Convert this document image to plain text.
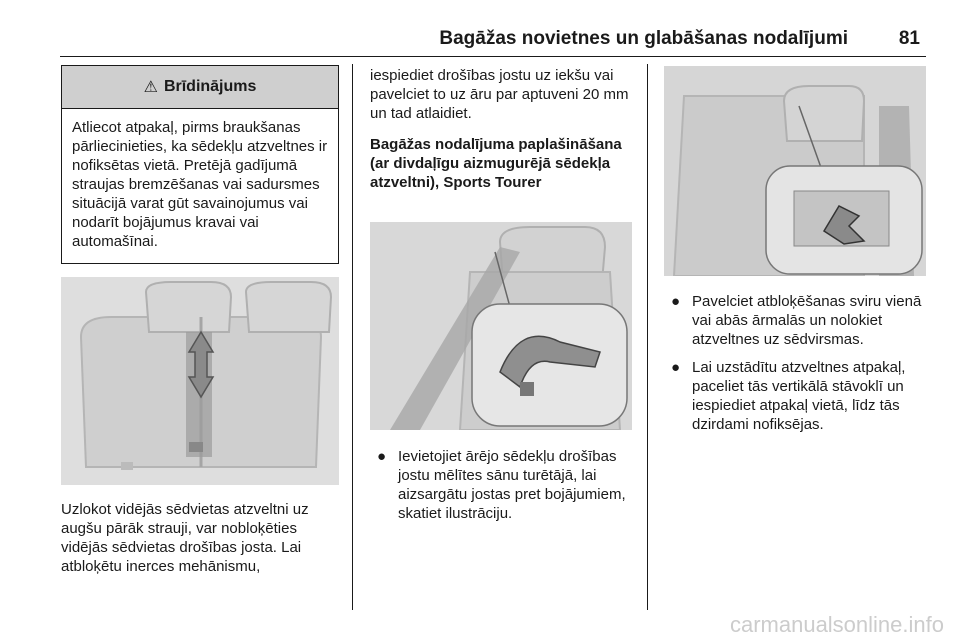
Bagāžas novietnes un glabāšanas nodalījumi	81
⚠ Brīdinājums
Atliecot atpakaļ, pirms braukšanas pārliecinieties, ka sēdekļu atzveltnes ir nofiksētas vietā. Pretējā gadījumā straujas bremzēšanas vai sadursmes situācijā varat gūt savainojumus vai nodarīt bojājumus kravai vai automašīnai.
Uzlokot vidējās sēdvietas atzveltni uz augšu pārāk strauji, var nobloķēties vidējās sēdvietas drošības josta. Lai atbloķētu inerces mehānismu,
iespiediet drošības jostu uz iekšu vai pavelciet to uz āru par aptuveni 20 mm un tad atlaidiet.
Bagāžas nodalījuma paplašināšana (ar divdaļīgu aizmugurējā sēdekļa atzveltni), Sports Tourer

● Ievietojiet ārējo sēdekļu drošības jostu mēlītes sānu turētājā, lai aizsargātu jostas pret bojājumiem, skatiet ilustrāciju.

● Pavelciet atbloķēšanas sviru vienā vai abās ārmalās un nolokiet atzveltnes uz sēdvirsmas.

● Lai uzstādītu atzveltnes atpakaļ, paceliet tās vertikālā stāvoklī un iespiediet atpakaļ vietā, līdz tās dzirdami nofiksējas.

carmanualsonline.info
